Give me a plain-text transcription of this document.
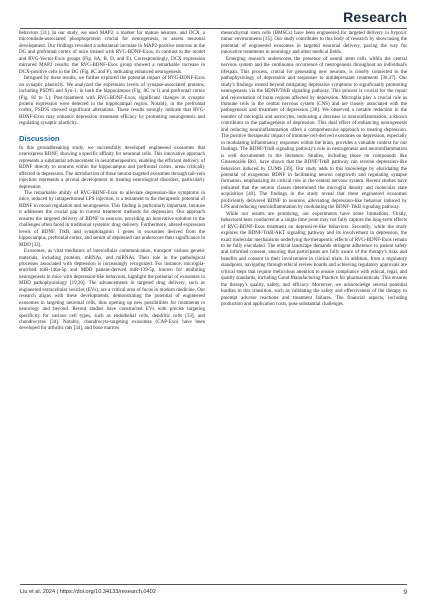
Research

behaviors [31]. In our study, we used MAP2, a marker for mature neurons, and DCX, a microtubule-associated phosphoprotein crucial for neurogenesis, to assess neuronal development. Our findings revealed a substantial increase in MAP2-positive neurons in the DG and prefrontal cortex of mice treated with RVG-BDNF-Exos, in contrast to the model and RVG-Vector-Exos groups (Fig. 8A, B, D, and E). Correspondingly, DCX expression mirrored MAP2 results; the RVG-BDNF-Exos group showed a remarkable increase in DCX-positive cells in the DG (Fig. 8C and F), indicating enhanced neurogenesis.

Intrigued by these results, we further explored the potential impact of RVG-BDNF-Exos on synaptic plasticity. We analyzed the expression levels of synapse-associated proteins, including PSD95 and Syn-1, in both the hippocampus (Fig. 8G to I) and prefrontal cortex (Fig. 8J to L). Post-treatment with RVG-BDNF-Exos, significant changes in synaptic protein expression were detected in the hippocampal region. Notably, in the prefrontal cortex, PSD95 showed significant alterations. These results strongly indicate that RVG-BDNF-Exos may enhance depression treatment efficacy by promoting neurogenesis and regulating synaptic plasticity.

Discussion

In this groundbreaking study, we successfully developed engineered exosomes that overexpress BDNF, showing a specific affinity for neuronal cells. This innovative approach represents a substantial advancement in neurotherapeutics, enabling the efficient delivery of BDNF directly to neurons within the hippocampus and prefrontal cortex, areas critically affected in depression. The introduction of these neuron-targeted exosomes through tail-vein injection represents a pivotal development in treating neurological disorders, particularly depression.

The remarkable ability of RVG-BDNF-Exos to alleviate depression-like symptoms in mice, induced by intraperitoneal LPS injection, is a testament to the therapeutic potential of BDNF in mood regulation and neurogenesis. This finding is particularly important, because it addresses the crucial gap in current treatment methods for depression. Our approach ensures the targeted delivery of BDNF to neurons, providing an innovative solution to the challenges often faced in traditional systemic drug delivery. Furthermore, altered expression levels of BDNF, TrkB, and synaptotagmin 1 genes in exosomes derived from the hippocampus, prefrontal cortex, and serum of depressed rats underscore their significance in MDD [32].

Exosomes, as vital mediators of intercellular communication, transport various genetic materials, including proteins, mRNAs, and miRNAs. Their role in the pathological processes associated with depression is increasingly recognized. For instance, microglia-enriched miR-146a-5p and MDD patient-derived miR-139-5p, known for inhibiting neurogenesis in mice with depression-like behaviors, highlight the potential of exosomes in MDD pathophysiology [19,20]. The advancements in targeted drug delivery, such as engineered extracellular vesicles (EVs), are a critical area of focus in modern medicine. Our research aligns with these developments, demonstrating the potential of engineered exosomes in targeting neuronal cells, thus opening up new possibilities for treatments in neurology and beyond. Recent studies have constructed EVs with precise targeting specificity for various cell types, such as endothelial cells, dendritic cells [33], and chondrocytes [34]. Notably, chondrocyte-targeting exosomes (CAP-Exo) have been developed for arthritic rats [34], and bone marrow

mesenchymal stem cells (BMSCs) have been engineered for targeted delivery in hypoxic tumor environments [35]. Our study contributes to this body of research by showcasing the potential of engineered exosomes in targeted neuronal delivery, paving the way for innovative treatments in neurology and other medical fields.

Emerging research underscores the presence of neural stem cells within the central nervous system and the continuous occurrence of neurogenesis throughout an individual's lifespan. This process, crucial for generating new neurons, is closely connected to the pathophysiology of depression and responses to antidepressant treatments [36,37]. Our study's findings extend beyond mitigating depressive symptoms to significantly promoting neurogenesis via the BDNF/TrkB signaling pathway. This process is crucial for the repair and rejuvenation of brain regions affected by depression. Microglia play a crucial role as immune cells in the central nervous system (CNS) and are closely associated with the pathogenesis and treatment of depression [38]. We observed a notable reduction in the number of microglia and astrocytes, indicating a decrease in neuroinflammation, a known contributor to the pathogenesis of depression. This dual effect of enhancing neurogenesis and reducing neuroinflammation offers a comprehensive approach to treating depression. The positive therapeutic impact of immune cell-derived exosomes on depression, especially in modulating inflammatory responses within the brain, provides a valuable context for our findings. The BDNF/TrkB signaling pathway's role in neurogenesis and neuroinflammation is well documented in the literature. Studies, including those on compounds like Ginsenoside Rb1, have shown that the BDNF/TrkB pathway can reverse depression-like behaviors induced by CUMS [39]. Our study adds to this knowledge by elucidating the potential of exogenous BDNF in facilitating neuron outgrowth and regulating synapse formation, emphasizing its critical role in the central nervous system. Recent studies have indicated that the neuron classes determined the microglia density and molecular state acquisition [40]. The findings in the study reveal that these engineered exosomes proficiently delivered BDNF to neurons, alleviating depression-like behavior induced by LPS and reducing neuroinflammation by modulating the BDNF-TrkB signaling pathway.

While our results are promising, our experiments have some limitations. Firstly, behavioral tests conducted at a single time point may not fully capture the long-term effects of RVG-BDNF-Exos treatment on depressive-like behaviors. Secondly, while the study explores the BDNF/TrkB/AKT signaling pathway and its involvement in depression, the exact molecular mechanisms underlying the therapeutic effects of RVG-BDNF-Exos remain to be fully elucidated. The ethical landscape demands stringent adherence to patient safety and informed consent, ensuring that participants are fully aware of the therapy's risks and benefits and consent to their involvement in clinical trials. In addition, from a regulatory standpoint, navigating through ethical review boards and achieving regulatory approvals are critical steps that require meticulous attention to ensure compliance with ethical, legal, and quality standards, including Good Manufacturing Practice for pharmaceuticals. This ensures the therapy's quality, safety, and efficacy. Moreover, we acknowledge several potential hurdles in this transition, such as validating the safety and effectiveness of the therapy to preempt adverse reactions and treatment failures. The financial aspects, including production and application costs, pose substantial challenges

Liu et al. 2024 | https://doi.org/10.34133/research.0402	9
